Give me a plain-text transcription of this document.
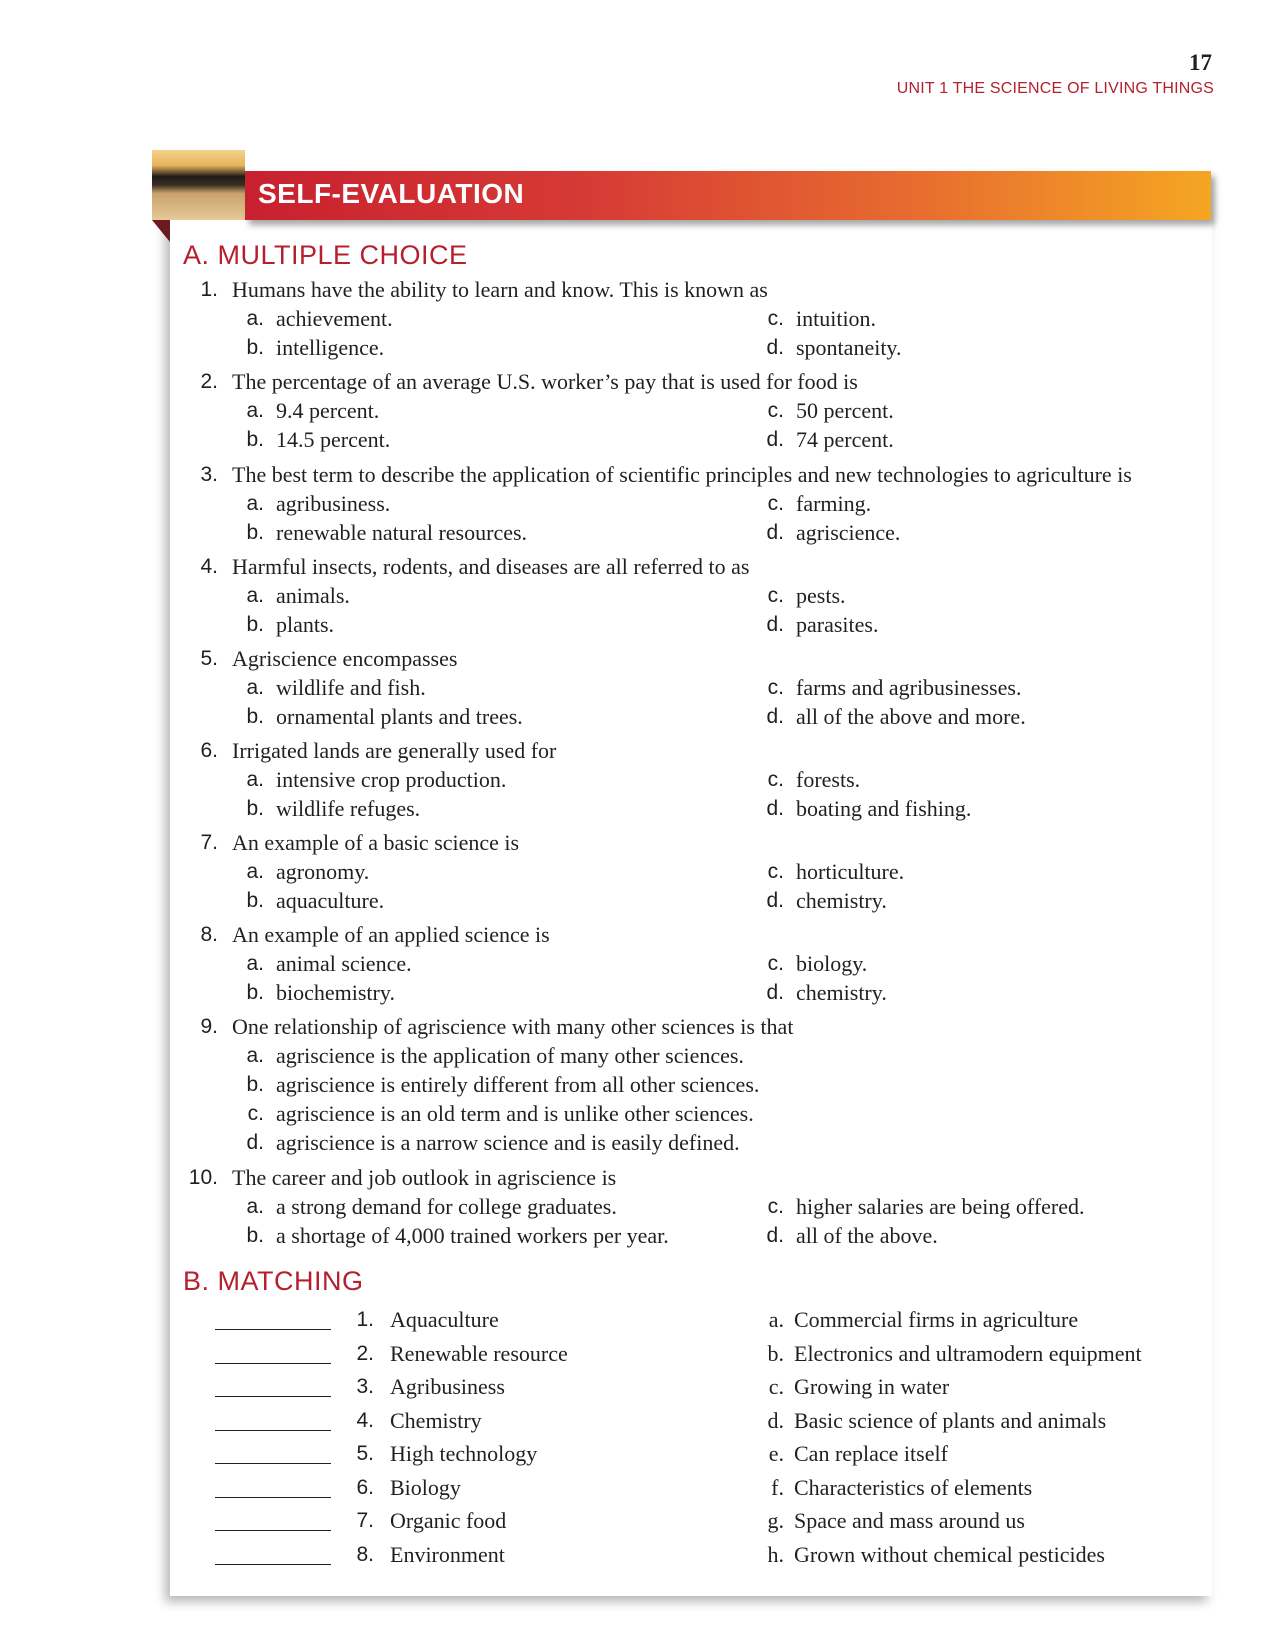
17
UNIT 1 THE SCIENCE OF LIVING THINGS
SELF-EVALUATION
A. MULTIPLE CHOICE
1. Humans have the ability to learn and know. This is known as
a. achievement.
b. intelligence.
c. intuition.
d. spontaneity.
2. The percentage of an average U.S. worker’s pay that is used for food is
a. 9.4 percent.
b. 14.5 percent.
c. 50 percent.
d. 74 percent.
3. The best term to describe the application of scientific principles and new technologies to agriculture is
a. agribusiness.
b. renewable natural resources.
c. farming.
d. agriscience.
4. Harmful insects, rodents, and diseases are all referred to as
a. animals.
b. plants.
c. pests.
d. parasites.
5. Agriscience encompasses
a. wildlife and fish.
b. ornamental plants and trees.
c. farms and agribusinesses.
d. all of the above and more.
6. Irrigated lands are generally used for
a. intensive crop production.
b. wildlife refuges.
c. forests.
d. boating and fishing.
7. An example of a basic science is
a. agronomy.
b. aquaculture.
c. horticulture.
d. chemistry.
8. An example of an applied science is
a. animal science.
b. biochemistry.
c. biology.
d. chemistry.
9. One relationship of agriscience with many other sciences is that
a. agriscience is the application of many other sciences.
b. agriscience is entirely different from all other sciences.
c. agriscience is an old term and is unlike other sciences.
d. agriscience is a narrow science and is easily defined.
10. The career and job outlook in agriscience is
a. a strong demand for college graduates.
b. a shortage of 4,000 trained workers per year.
c. higher salaries are being offered.
d. all of the above.
B. MATCHING
1. Aquaculture
2. Renewable resource
3. Agribusiness
4. Chemistry
5. High technology
6. Biology
7. Organic food
8. Environment
a. Commercial firms in agriculture
b. Electronics and ultramodern equipment
c. Growing in water
d. Basic science of plants and animals
e. Can replace itself
f. Characteristics of elements
g. Space and mass around us
h. Grown without chemical pesticides
